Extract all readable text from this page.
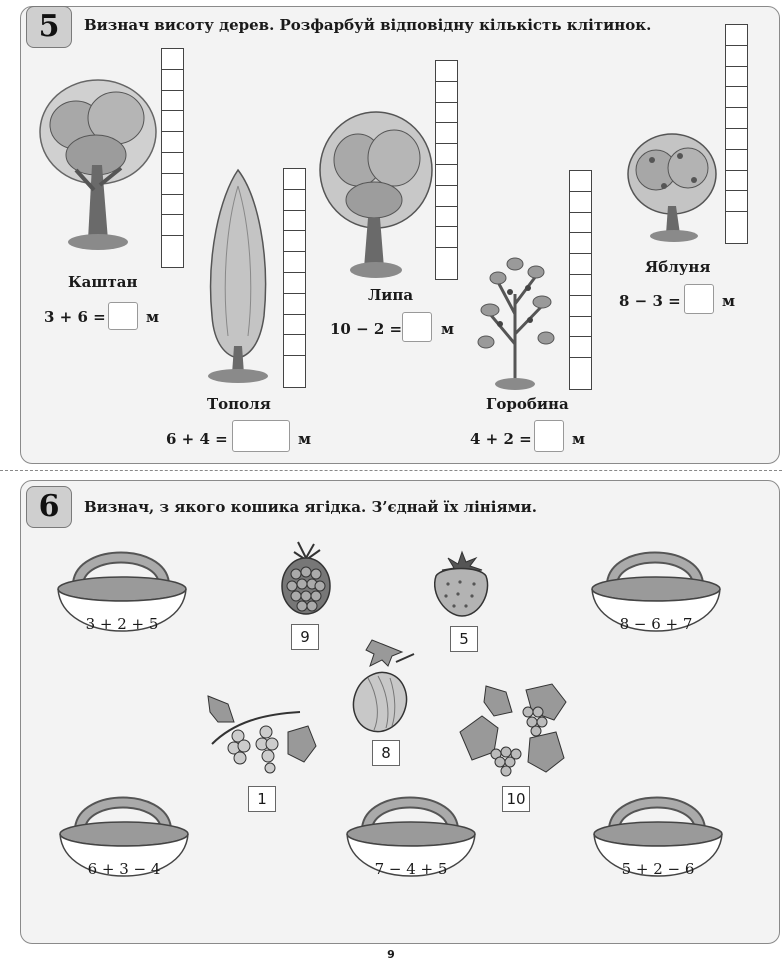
5	Визнач висоту дерев. Розфарбуй відповідну кількість клітинок.
Каштан
3 + 6 =	м
Тополя
6 + 4 =	м
Липа
10 − 2 =	м
Горобина
4 + 2 =	м
Яблуня
8 − 3 =	м
6	Визнач, з якого кошика ягідка. З’єднай їх лініями.
3 + 2 + 5	8 − 6 + 7
6 + 3 − 4	7 − 4 + 5	5 + 2 − 6
9	5
8
1	10
9
